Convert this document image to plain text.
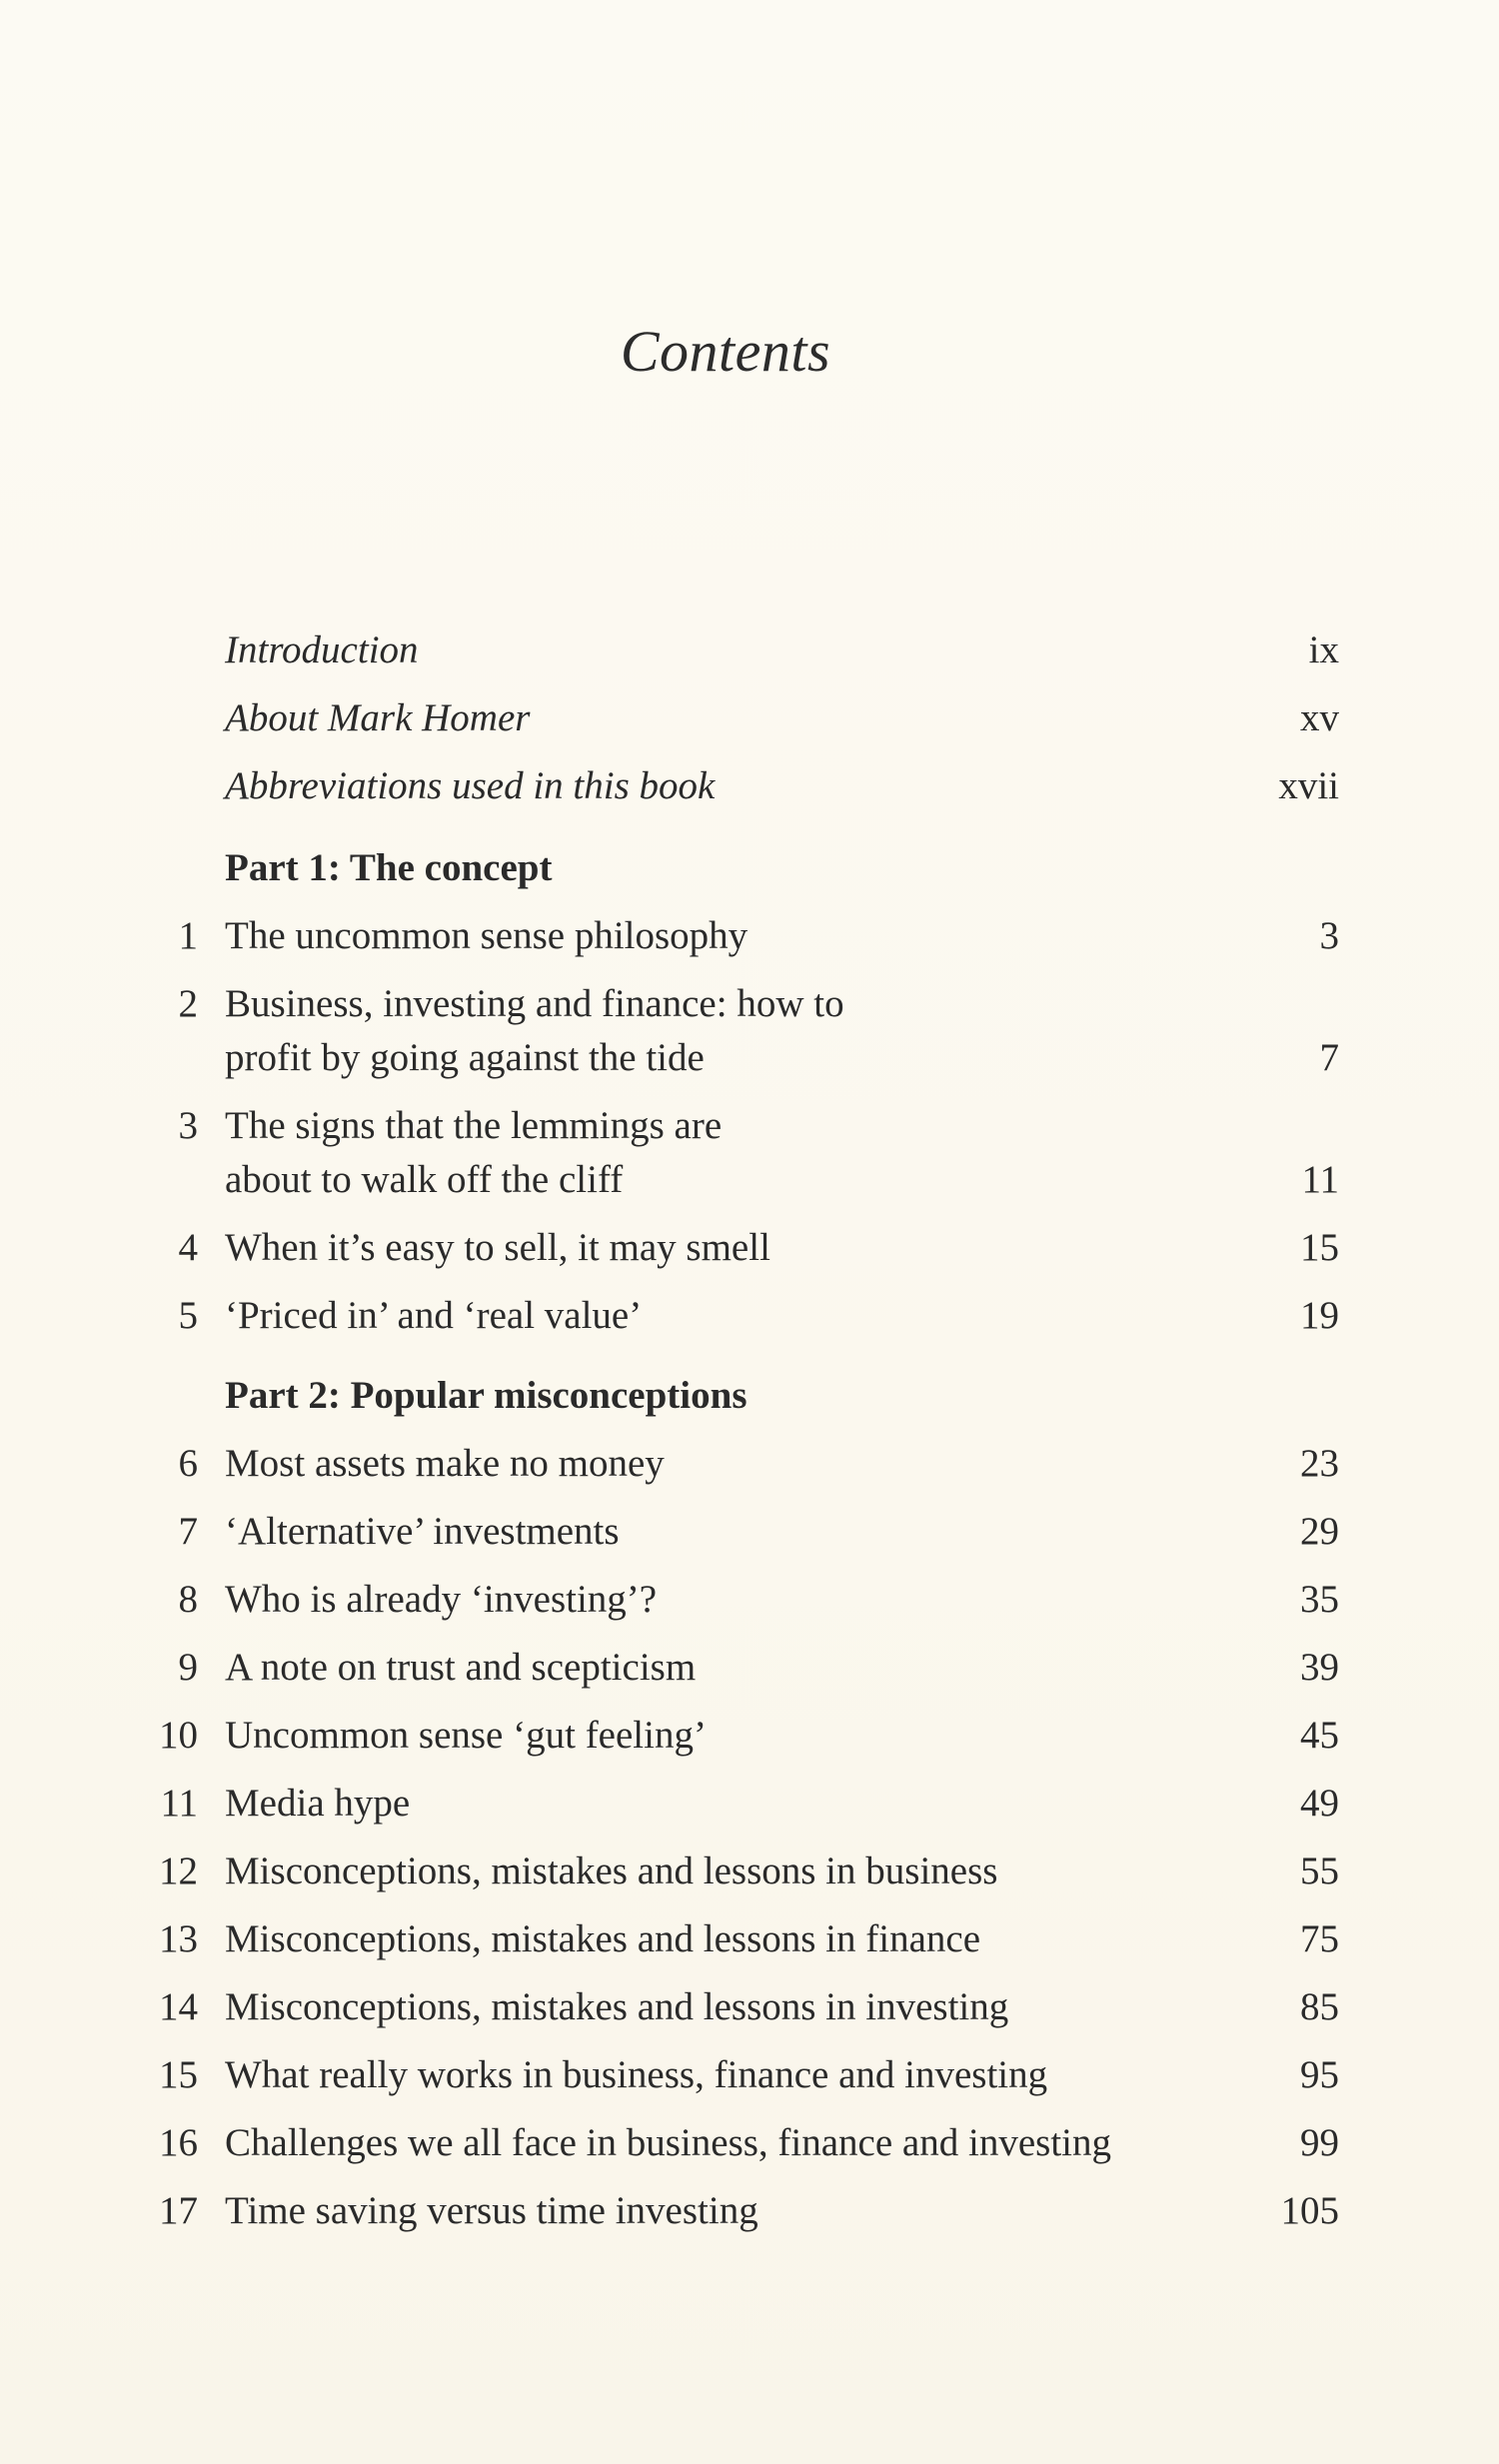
Contents
Introduction	ix
About Mark Homer	xv
Abbreviations used in this book	xvii
Part 1: The concept
1 The uncommon sense philosophy	3
2 Business, investing and finance: how to
profit by going against the tide	7
3 The signs that the lemmings are
about to walk off the cliff	11
4 When it’s easy to sell, it may smell	15
5 ‘Priced in’ and ‘real value’	19
Part 2: Popular misconceptions
6 Most assets make no money	23
7 ‘Alternative’ investments	29
8 Who is already ‘investing’?	35
9 A note on trust and scepticism	39
10 Uncommon sense ‘gut feeling’	45
11 Media hype	49
12 Misconceptions, mistakes and lessons in business	55
13 Misconceptions, mistakes and lessons in finance	75
14 Misconceptions, mistakes and lessons in investing	85
15 What really works in business, finance and investing	95
16 Challenges we all face in business, finance and investing	99
17 Time saving versus time investing	105
